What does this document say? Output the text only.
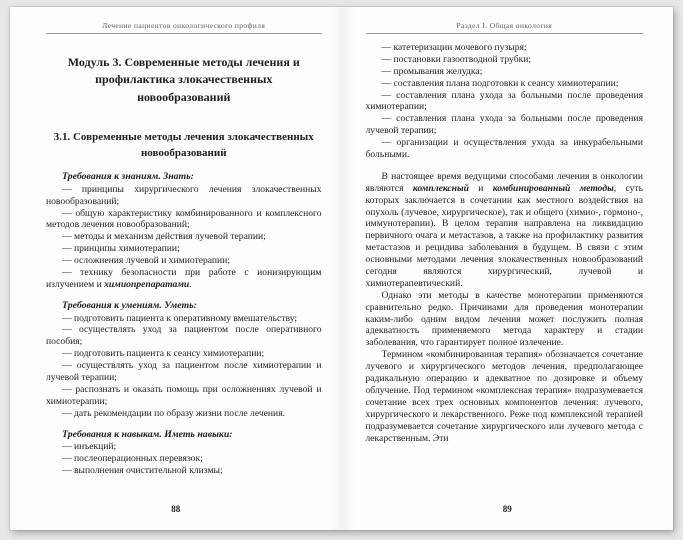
Лечение пациентов онкологического профиля
Модуль 3. Современные методы лечения и профилактика злокачественных новообразований
3.1. Современные методы лечения злокачественных новообразований

Требования к знаниям. Знать:

— принципы хирургического лечения злокачественных новообразований;

— общую характеристику комбинированного и комплексного методов лечения новообразований;

— методы и механизм действия лучевой терапии;

— принципы химиотерапии;

— осложнения лучевой и химиотерапии;

— технику безопасности при работе с ионизирующим излучением и химиопрепаратами.

Требования к умениям. Уметь:

— подготовить пациента к оперативному вмешательству;

— осуществлять уход за пациентом после оперативного пособия;

— подготовить пациента к сеансу химиотерапии;

— осуществлять уход за пациентом после химиотерапии и лучевой терапии;

— распознать и оказать помощь при осложнениях лучевой и химиотерапии;

— дать рекомендации по образу жизни после лечения.

Требования к навыкам. Иметь навыки:

— инъекций;

— послеоперационных перевязок;

— выполнения очистительной клизмы;

88
Раздел I. Общая онкология

— катетеризации мочевого пузыря;

— постановки газоотводной трубки;

— промывания желудка;

— составления плана подготовки к сеансу химиотерапии;

— составления плана ухода за больными после проведения химиотерапии;

— составления плана ухода за больными после проведения лучевой терапии;

— организации и осуществления ухода за инкурабельными больными.

В настоящее время ведущими способами лечения в онкологии являются комплексный и комбинированный методы, суть которых заключается в сочетании как местного воздействия на опухоль (лучевое, хирургическое), так и общего (химио-, гормоно-, иммунотерапии). В целом терапия направлена на ликвидацию первичного очага и метастазов, а также на профилактику развития метастазов и рецидива заболевания в будущем. В связи с этим основными методами лечения злокачественных новообразований сегодня являются хирургический, лучевой и химиотерапевтический.

Однако эти методы в качестве монотерапии применяются сравнительно редко. Причинами для проведения монотерапии каким-либо одним видом лечения может послужить полная адекватность применяемого метода характеру и стадии заболевания, что гарантирует полное излечение.

Термином «комбинированная терапия» обозначается сочетание лучевого и хирургического методов лечения, предполагающее радикальную операцию и адекватное по дозировке и объему облучение. Под термином «комплексная терапия» подразумевается сочетание всех трех основных компонентов лечения: лучевого, хирургического и лекарственного. Реже под комплексной терапией подразумевается сочетание хирургического или лучевого метода с лекарственным. Эти

89
